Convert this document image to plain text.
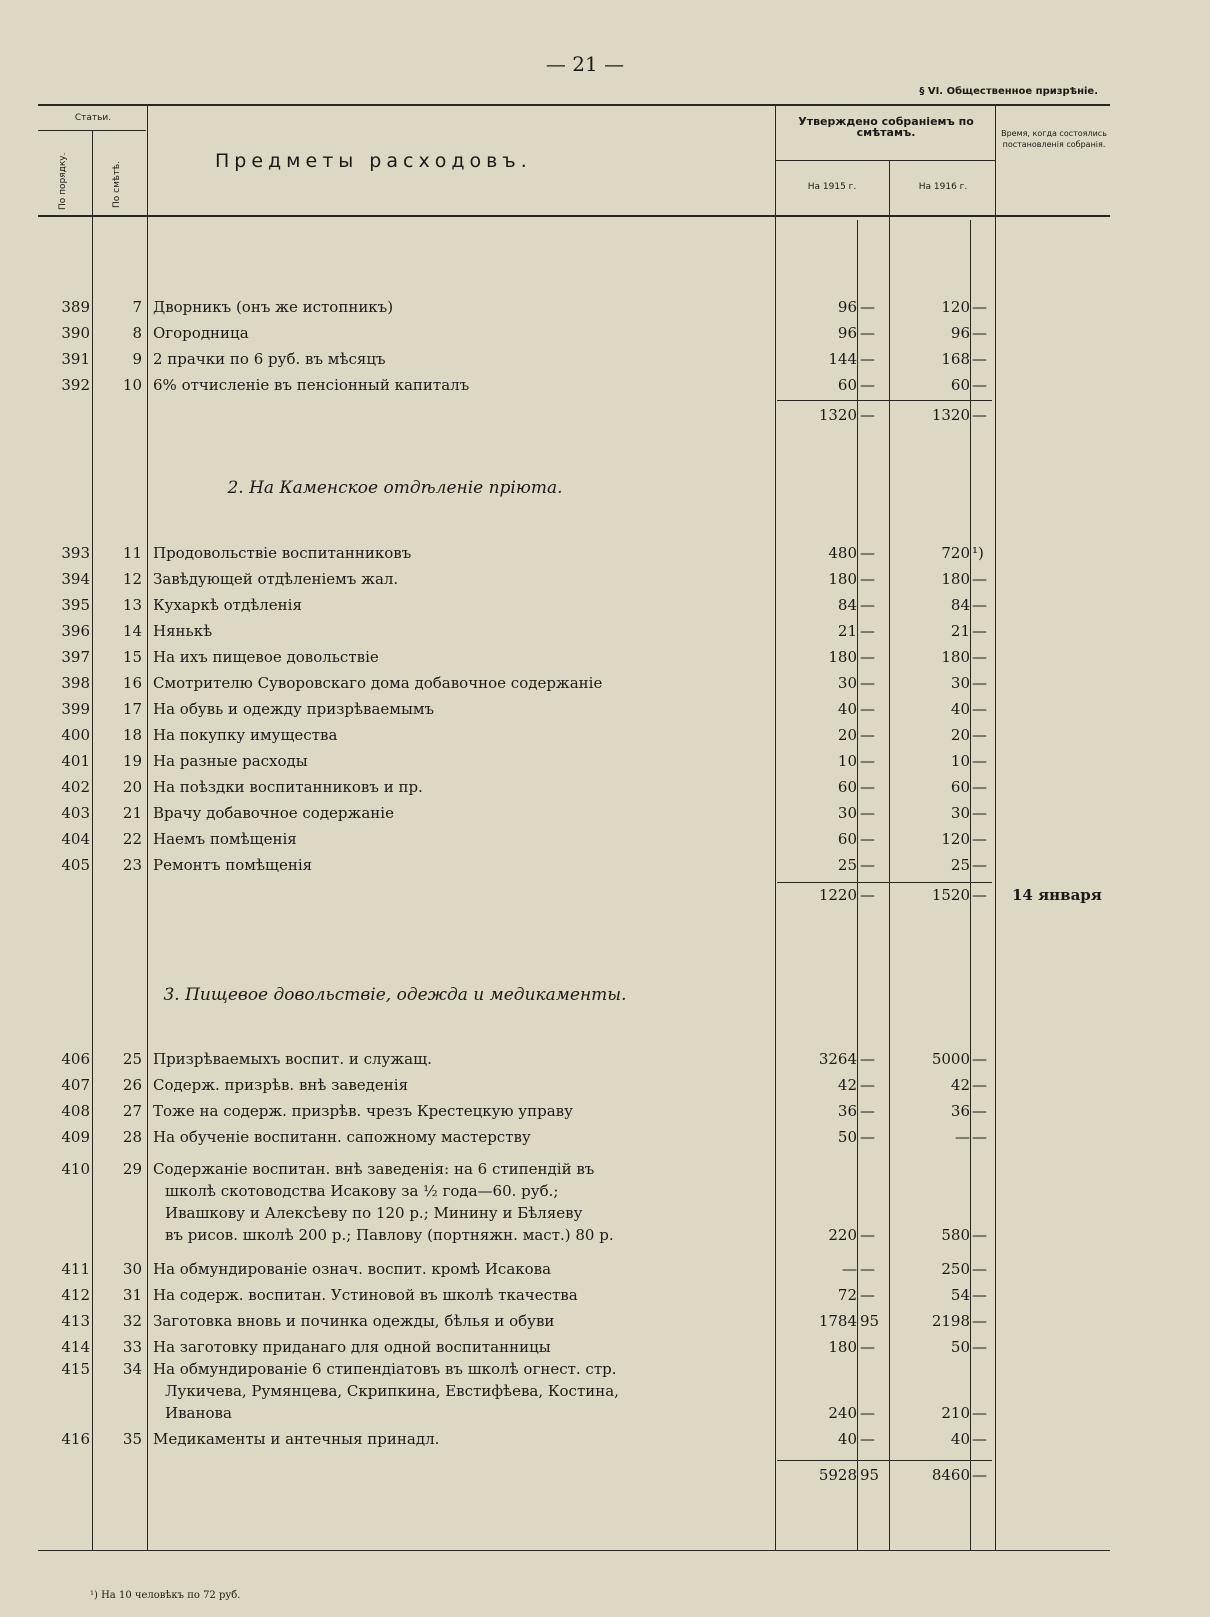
— 21 —
§ VI. Общественное призрѣніе.
Статьи.
По порядку.	По смѣтѣ.	Предметы расходовъ.
Утверждено собраніемъ по смѣтамъ.
На 1915 г.	На 1916 г.
Время, когда состоялись постановленія собранія.
389	7 Дворникъ (онъ же истопникъ)	96 —	120 —
390	8 Огородница	96 —	96 —
391	9 2 прачки по 6 руб. въ мѣсяцъ	144 —	168 —
392	10 6% отчисленіе въ пенсіонный капиталъ	60 —	60 —
1320 —	1320 —
2. На Каменское отдѣленіе пріюта.
393	11 Продовольствіе воспитанниковъ	480 —	720 ¹)
394	12 Завѣдующей отдѣленіемъ жал.	180 —	180 —
395	13 Кухаркѣ отдѣленія	84 —	84 —
396	14 Нянькѣ	21 —	21 —
397	15 На ихъ пищевое довольствіе	180 —	180 —
398	16 Смотрителю Суворовскаго дома добавочное содержаніе	30 —	30 —
399	17 На обувь и одежду призрѣваемымъ	40 —	40 —
400	18 На покупку имущества	20 —	20 —
401	19 На разные расходы	10 —	10 —
402	20 На поѣздки воспитанниковъ и пр.	60 —	60 —
403	21 Врачу добавочное содержаніе	30 —	30 —
404	22 Наемъ помѣщенія	60 —	120 —
405	23 Ремонтъ помѣщенія	25 —	25 —
1220 —	1520 —	14 января
3. Пищевое довольствіе, одежда и медикаменты.
406	25 Призрѣваемыхъ воспит. и служащ.	3264 —	5000 —
407	26 Содерж. призрѣв. внѣ заведенія	42 —	42 —
408	27 Тоже на содерж. призрѣв. чрезъ Крестецкую управу	36 —	36 —
409	28 На обученіе воспитанн. сапожному мастерству	50 —	— —
410	29 Содержаніе воспитан. внѣ заведенія: на 6 стипендій въ
школѣ скотоводства Исакову за ½ года—60. руб.;
Ивашкову и Алексѣеву по 120 р.; Минину и Бѣляеву
въ рисов. школѣ 200 р.; Павлову (портняжн. маст.) 80 р.	220 —	580 —
411	30 На обмундированіе означ. воспит. кромѣ Исакова	— —	250 —
412	31 На содерж. воспитан. Устиновой въ школѣ ткачества	72 —	54 —
413	32 Заготовка вновь и починка одежды, бѣлья и обуви	1784 95	2198 —
414	33 На заготовку приданаго для одной воспитанницы	180 —	50 —
415	34 На обмундированіе 6 стипендіатовъ въ школѣ огнест. стр.
Лукичева, Румянцева, Скрипкина, Евстифѣева, Костина,
Иванова	240 —	210 —
416	35 Медикаменты и антечныя принадл.	40 —	40 —
5928 95	8460 —
¹) На 10 человѣкъ по 72 руб.
